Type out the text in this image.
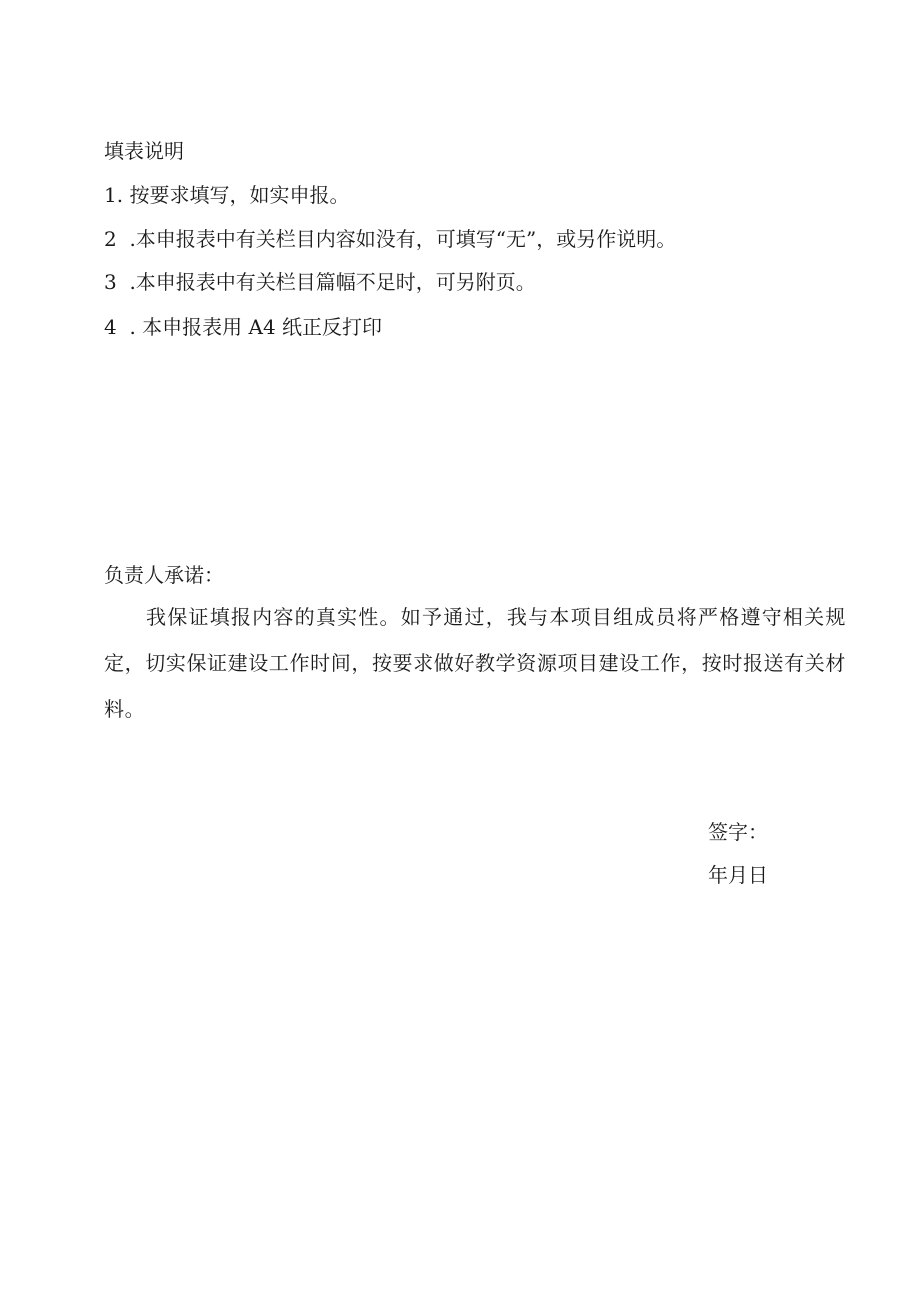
填表说明
1. 按要求填写，如实申报。
2  .本申报表中有关栏目内容如没有，可填写“无”，或另作说明。
3  .本申报表中有关栏目篇幅不足时，可另附页。
4  . 本申报表用 A4 纸正反打印
负责人承诺：
我保证填报内容的真实性。如予通过，我与本项目组成员将严格遵守相关规定，切实保证建设工作时间，按要求做好教学资源项目建设工作，按时报送有关材料。
签字：
年月日
